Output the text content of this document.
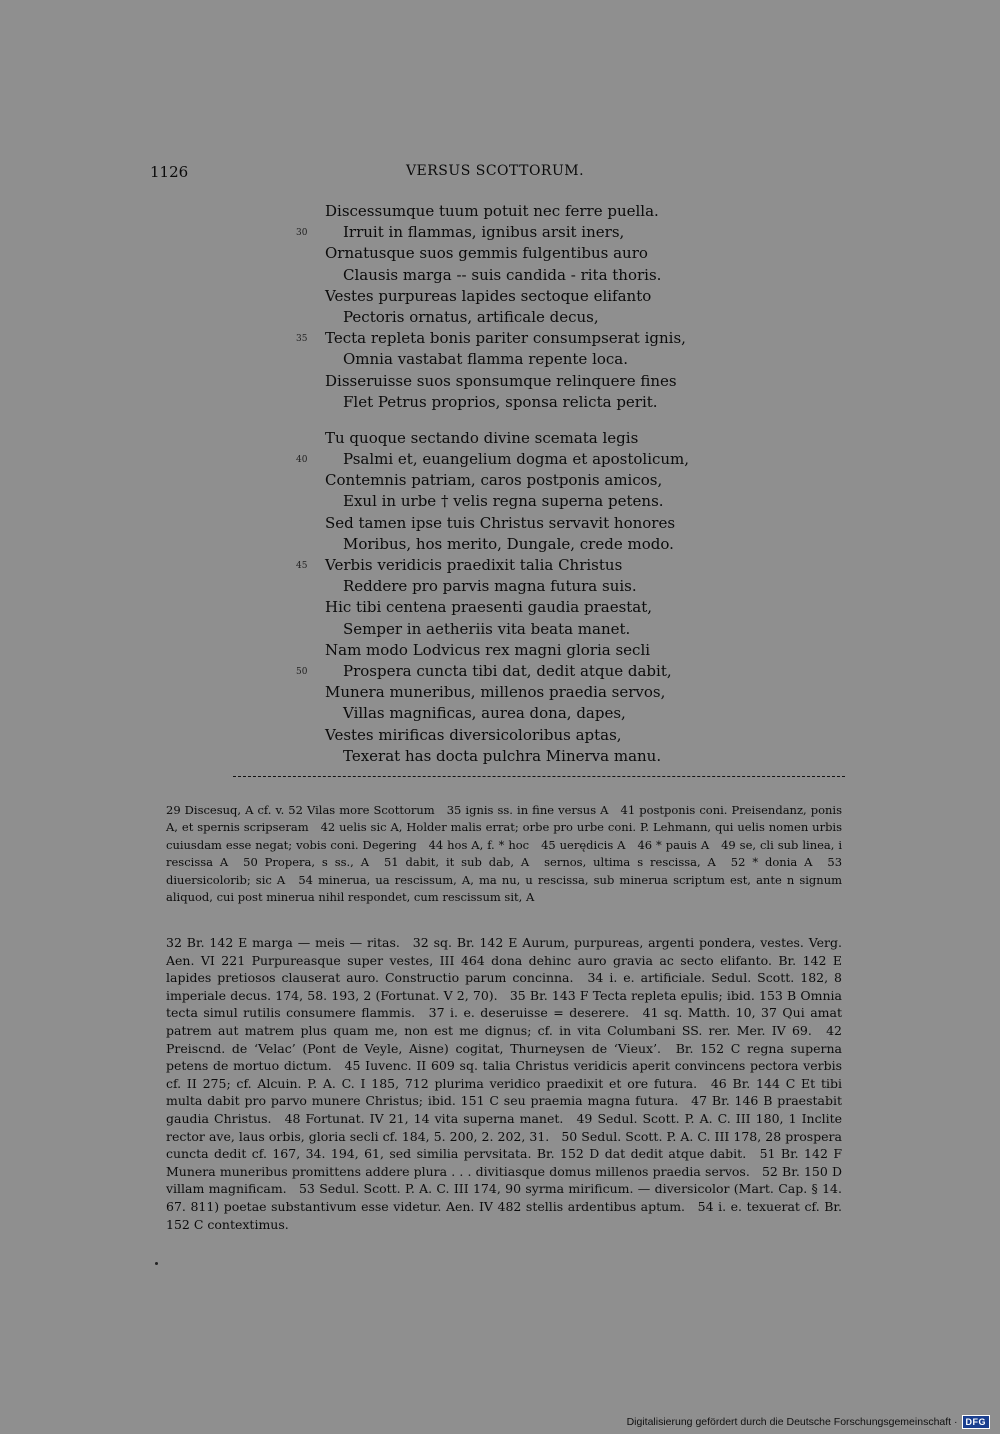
1126	VERSUS SCOTTORUM.
Discessumque tuum potuit nec ferre puella.
30	Irruit in flammas, ignibus arsit iners,
Ornatusque suos gemmis fulgentibus auro
Clausis marga -- suis candida - rita thoris.
Vestes purpureas lapides sectoque elifanto
Pectoris ornatus, artificale decus,
35 Tecta repleta bonis pariter consumpserat ignis,
Omnia vastabat flamma repente loca.
Disseruisse suos sponsumque relinquere fines
Flet Petrus proprios, sponsa relicta perit.
Tu quoque sectando divine scemata legis
40	Psalmi et, euangelium dogma et apostolicum,
Contemnis patriam, caros postponis amicos,
Exul in urbe † velis regna superna petens.
Sed tamen ipse tuis Christus servavit honores
Moribus, hos merito, Dungale, crede modo.
45 Verbis veridicis praedixit talia Christus
Reddere pro parvis magna futura suis.
Hic tibi centena praesenti gaudia praestat,
Semper in aetheriis vita beata manet.
Nam modo Lodvicus rex magni gloria secli
50	Prospera cuncta tibi dat, dedit atque dabit,
Munera muneribus, millenos praedia servos,
Villas magnificas, aurea dona, dapes,
Vestes mirificas diversicoloribus aptas,
Texerat has docta pulchra Minerva manu.

29 Discesuq, A cf. v. 52 Vilas more Scottorum 35 ignis ss. in fine versus A 41 postponis coni. Preisendanz, ponis A, et spernis scripseram 42 uelis sic A, Holder malis errat; orbe pro urbe coni. P. Lehmann, qui uelis nomen urbis cuiusdam esse negat; vobis coni. Degering 44 hos A, f. * hoc 45 uerędicis A 46 * pauis A 49 se, cli sub linea, i rescissa A 50 Propera, s ss., A 51 dabit, it sub dab, A sernos, ultima s rescissa, A 52 * donia A 53 diuersicolorib; sic A 54 minerua, ua rescissum, A, ma nu, u rescissa, sub minerua scriptum est, ante n signum aliquod, cui post minerua nihil respondet, cum rescissum sit, A

32 Br. 142 E marga — meis — ritas. 32 sq. Br. 142 E Aurum, purpureas, argenti pondera, vestes. Verg. Aen. VI 221 Purpureasque super vestes, III 464 dona dehinc auro gravia ac secto elifanto. Br. 142 E lapides pretiosos clauserat auro. Constructio parum concinna. 34 i. e. artificiale. Sedul. Scott. 182, 8 imperiale decus. 174, 58. 193, 2 (Fortunat. V 2, 70). 35 Br. 143 F Tecta repleta epulis; ibid. 153 B Omnia tecta simul rutilis consumere flammis. 37 i. e. deseruisse = deserere. 41 sq. Matth. 10, 37 Qui amat patrem aut matrem plus quam me, non est me dignus; cf. in vita Columbani SS. rer. Mer. IV 69. 42 Preiscnd. de ‘Velac’ (Pont de Veyle, Aisne) cogitat, Thurneysen de ‘Vieux’. Br. 152 C regna superna petens de mortuo dictum. 45 Iuvenc. II 609 sq. talia Christus veridicis aperit convincens pectora verbis cf. II 275; cf. Alcuin. P. A. C. I 185, 712 plurima veridico praedixit et ore futura. 46 Br. 144 C Et tibi multa dabit pro parvo munere Christus; ibid. 151 C seu praemia magna futura. 47 Br. 146 B praestabit gaudia Christus. 48 Fortunat. IV 21, 14 vita superna manet. 49 Sedul. Scott. P. A. C. III 180, 1 Inclite rector ave, laus orbis, gloria secli cf. 184, 5. 200, 2. 202, 31. 50 Sedul. Scott. P. A. C. III 178, 28 prospera cuncta dedit cf. 167, 34. 194, 61, sed similia pervsitata. Br. 152 D dat dedit atque dabit. 51 Br. 142 F Munera muneribus promittens addere plura . . . divitiasque domus millenos praedia servos. 52 Br. 150 D villam magnificam. 53 Sedul. Scott. P. A. C. III 174, 90 syrma mirificum. — diversicolor (Mart. Cap. § 14. 67. 811) poetae substantivum esse videtur. Aen. IV 482 stellis ardentibus aptum. 54 i. e. texuerat cf. Br. 152 C contextimus.

Digitalisierung gefördert durch die Deutsche Forschungsgemeinschaft · DFG
